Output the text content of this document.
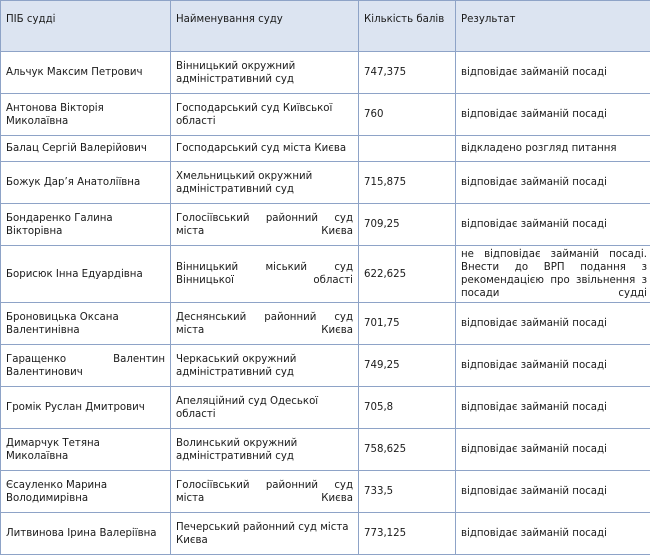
ПІБ судді	Найменування суду	Кількість балів	Результат
Альчук Максим Петрович	Вінницький окружний адміністративний суд	747,375	відповідає займаній посаді
Антонова Вікторія Миколаївна	Господарський суд Київської області	760	відповідає займаній посаді
Балац Сергій Валерійович	Господарський суд міста Києва		відкладено розгляд питання
Божук Дар’я Анатоліївна	Хмельницький окружний адміністративний суд	715,875	відповідає займаній посаді
Бондаренко Галина Вікторівна	Голосіївський районний суд міста Києва	709,25	відповідає займаній посаді
Борисюк Інна Едуардівна	Вінницький міський суд Вінницької області	622,625	не відповідає займаній посаді. Внести до ВРП подання з рекомендацією про звільнення з посади судді
Броновицька Оксана Валентинівна	Деснянський районний суд міста Києва	701,75	відповідає займаній посаді
Гаращенко Валентин Валентинович	Черкаський окружний адміністративний суд	749,25	відповідає займаній посаді
Громік Руслан Дмитрович	Апеляційний суд Одеської області	705,8	відповідає займаній посаді
Димарчук Тетяна Миколаївна	Волинський окружний адміністративний суд	758,625	відповідає займаній посаді
Єсауленко Марина Володимирівна	Голосіївський районний суд міста Києва	733,5	відповідає займаній посаді
Литвинова Ірина Валеріївна	Печерський районний суд міста Києва	773,125	відповідає займаній посаді
